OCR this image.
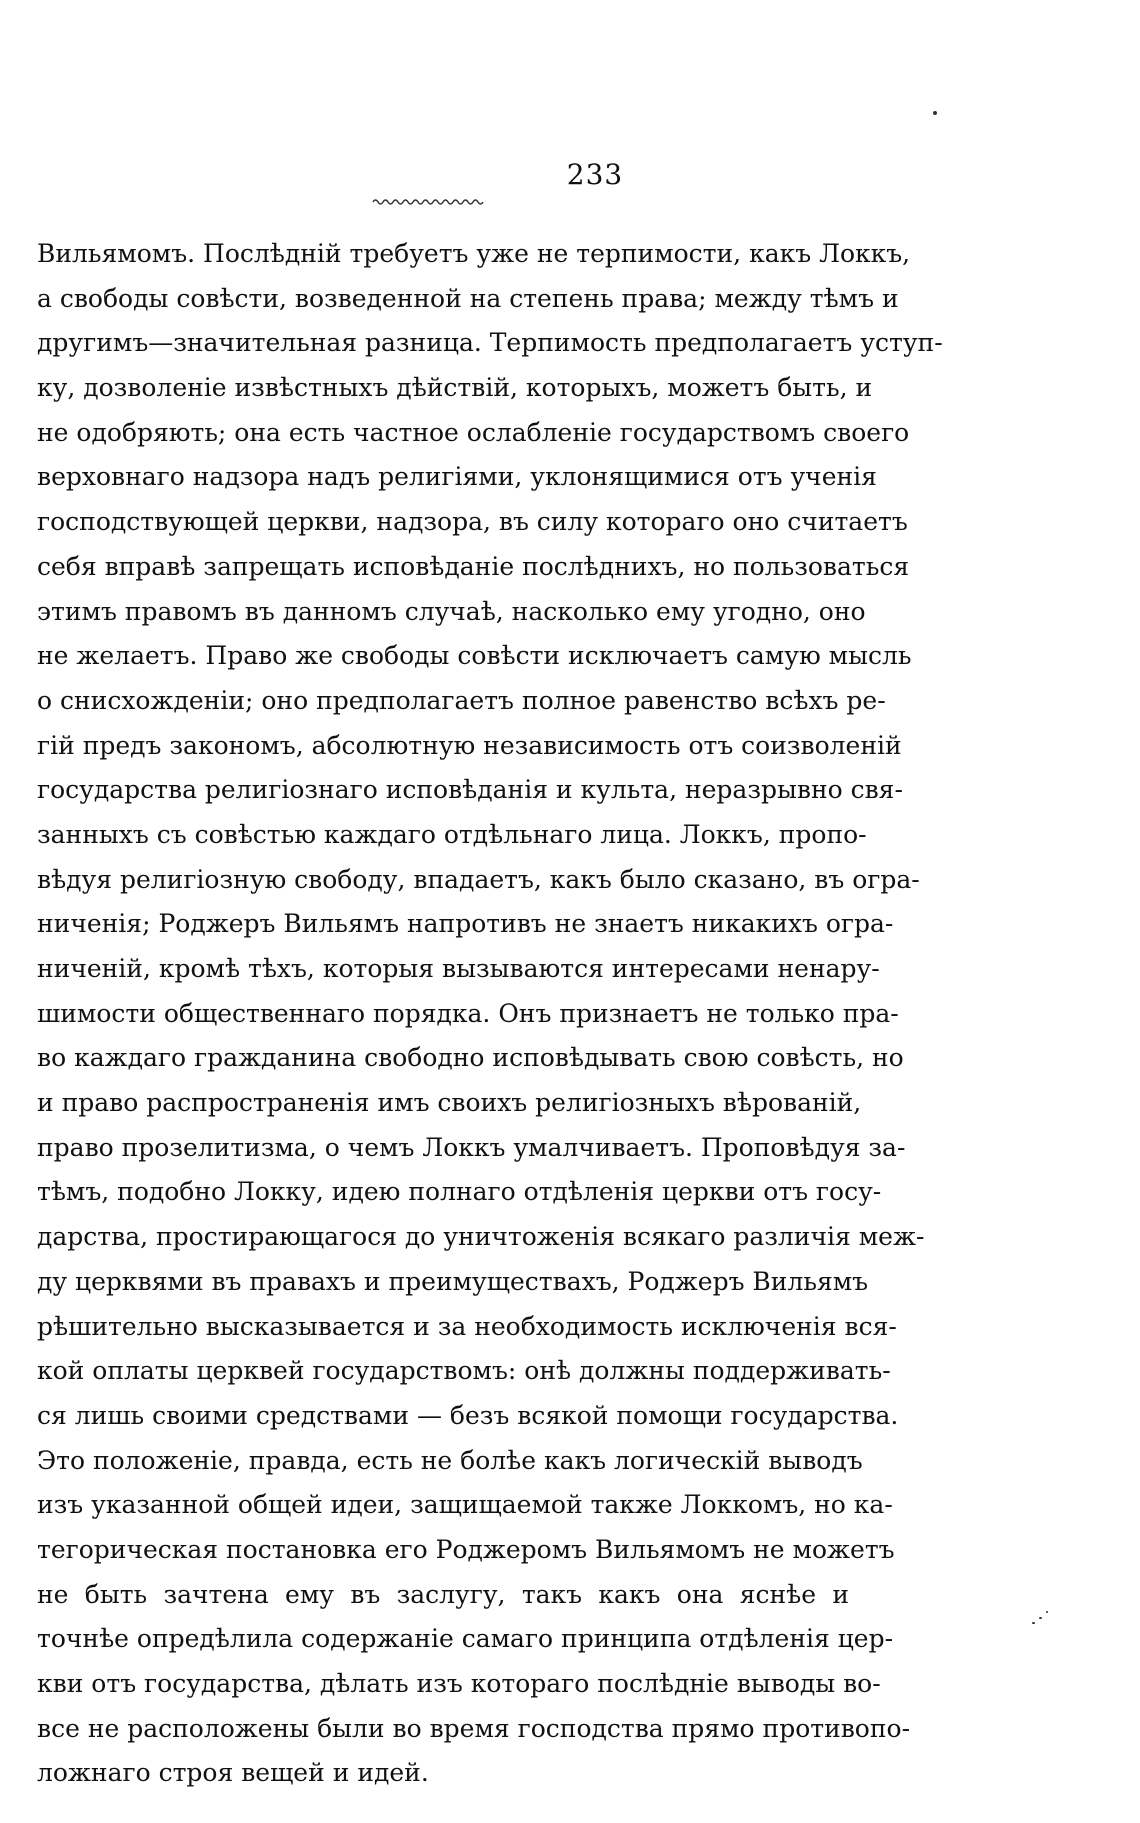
233
Вильямомъ. Послѣдній требуетъ уже не терпимости, какъ Локкъ,
а свободы совѣсти, возведенной на степень права; между тѣмъ и
другимъ—значительная разница. Терпимость предполагаетъ уступ-
ку, дозволеніе извѣстныхъ дѣйствій, которыхъ, можетъ быть, и
не одобряють; она есть частное ослабленіе государствомъ своего
верховнаго надзора надъ религіями, уклонящимися отъ ученія
господствующей церкви, надзора, въ силу котораго оно считаетъ
себя вправѣ запрещать исповѣданіе послѣднихъ, но пользоваться
этимъ правомъ въ данномъ случаѣ, насколько ему угодно, оно
не желаетъ. Право же свободы совѣсти исключаетъ самую мысль
о снисхожденіи; оно предполагаетъ полное равенство всѣхъ ре-
гій предъ закономъ, абсолютную независимость отъ соизволеній
государства религіознаго исповѣданія и культа, неразрывно свя-
занныхъ съ совѣстью каждаго отдѣльнаго лица. Локкъ, пропо-
вѣдуя религіозную свободу, впадаетъ, какъ было сказано, въ огра-
ниченія; Роджеръ Вильямъ напротивъ не знаетъ никакихъ огра-
ниченій, кромѣ тѣхъ, которыя вызываются интересами ненару-
шимости общественнаго порядка. Онъ признаетъ не только пра-
во каждаго гражданина свободно исповѣдывать свою совѣсть, но
и право распространенія имъ своихъ религіозныхъ вѣрованій,
право прозелитизма, о чемъ Локкъ умалчиваетъ. Проповѣдуя за-
тѣмъ, подобно Локку, идею полнаго отдѣленія церкви отъ госу-
дарства, простирающагося до уничтоженія всякаго различія меж-
ду церквями въ правахъ и преимуществахъ, Роджеръ Вильямъ
рѣшительно высказывается и за необходимость исключенія вся-
кой оплаты церквей государствомъ: онѣ должны поддерживать-
ся лишь своими средствами — безъ всякой помощи государства.
Это положеніе, правда, есть не болѣе какъ логическій выводъ
изъ указанной общей идеи, защищаемой также Локкомъ, но ка-
тегорическая постановка его Роджеромъ Вильямомъ не можетъ
не быть зачтена ему въ заслугу, такъ какъ она яснѣе и
точнѣе опредѣлила содержаніе самаго принципа отдѣленія цер-
кви отъ государства, дѣлать изъ котораго послѣдніе выводы во-
все не расположены были во время господства прямо противопо-
ложнаго строя вещей и идей.
